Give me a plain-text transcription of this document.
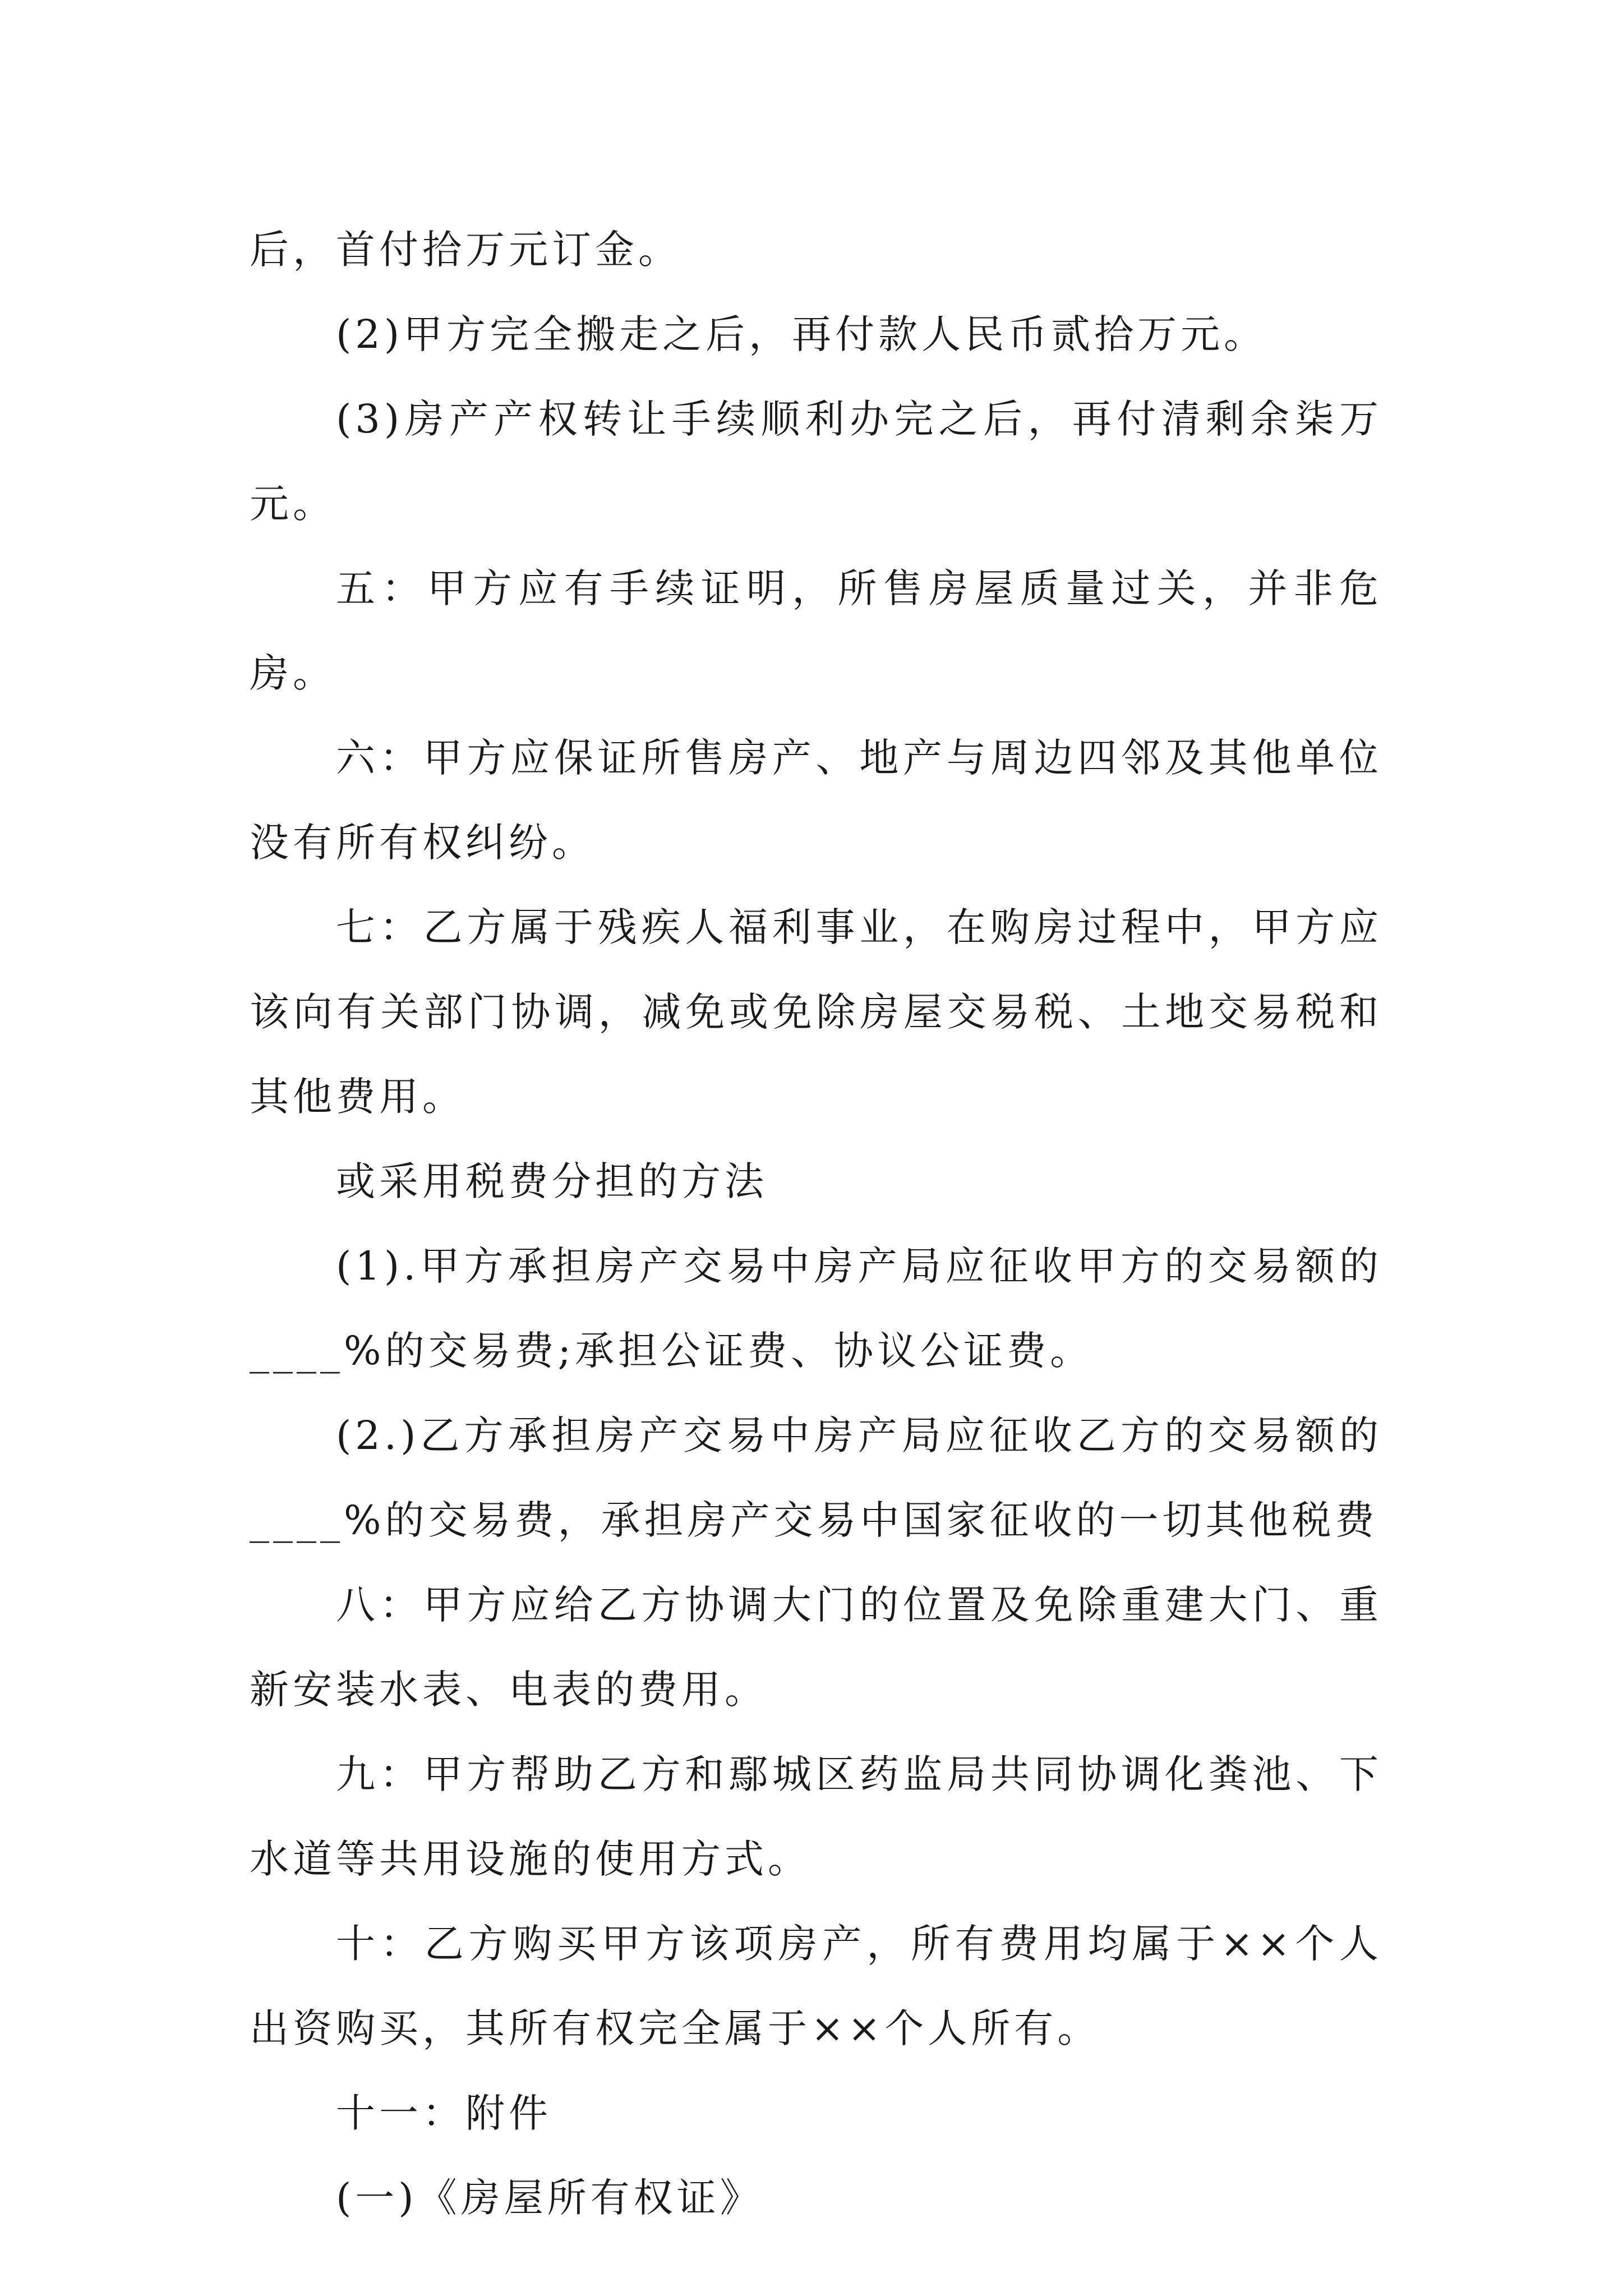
后，首付拾万元订金。

(2)甲方完全搬走之后，再付款人民币贰拾万元。

(3)房产产权转让手续顺利办完之后，再付清剩余柒万元。

五：甲方应有手续证明，所售房屋质量过关，并非危房。

六：甲方应保证所售房产、地产与周边四邻及其他单位没有所有权纠纷。

七：乙方属于残疾人福利事业，在购房过程中，甲方应该向有关部门协调，减免或免除房屋交易税、土地交易税和其他费用。

或采用税费分担的方法

(1).甲方承担房产交易中房产局应征收甲方的交易额的____%的交易费;承担公证费、协议公证费。

(2.)乙方承担房产交易中房产局应征收乙方的交易额的____%的交易费，承担房产交易中国家征收的一切其他税费

八：甲方应给乙方协调大门的位置及免除重建大门、重新安装水表、电表的费用。

九：甲方帮助乙方和鄢城区药监局共同协调化粪池、下水道等共用设施的使用方式。

十：乙方购买甲方该项房产，所有费用均属于××个人出资购买，其所有权完全属于××个人所有。

十一：附件

(一)《房屋所有权证》
